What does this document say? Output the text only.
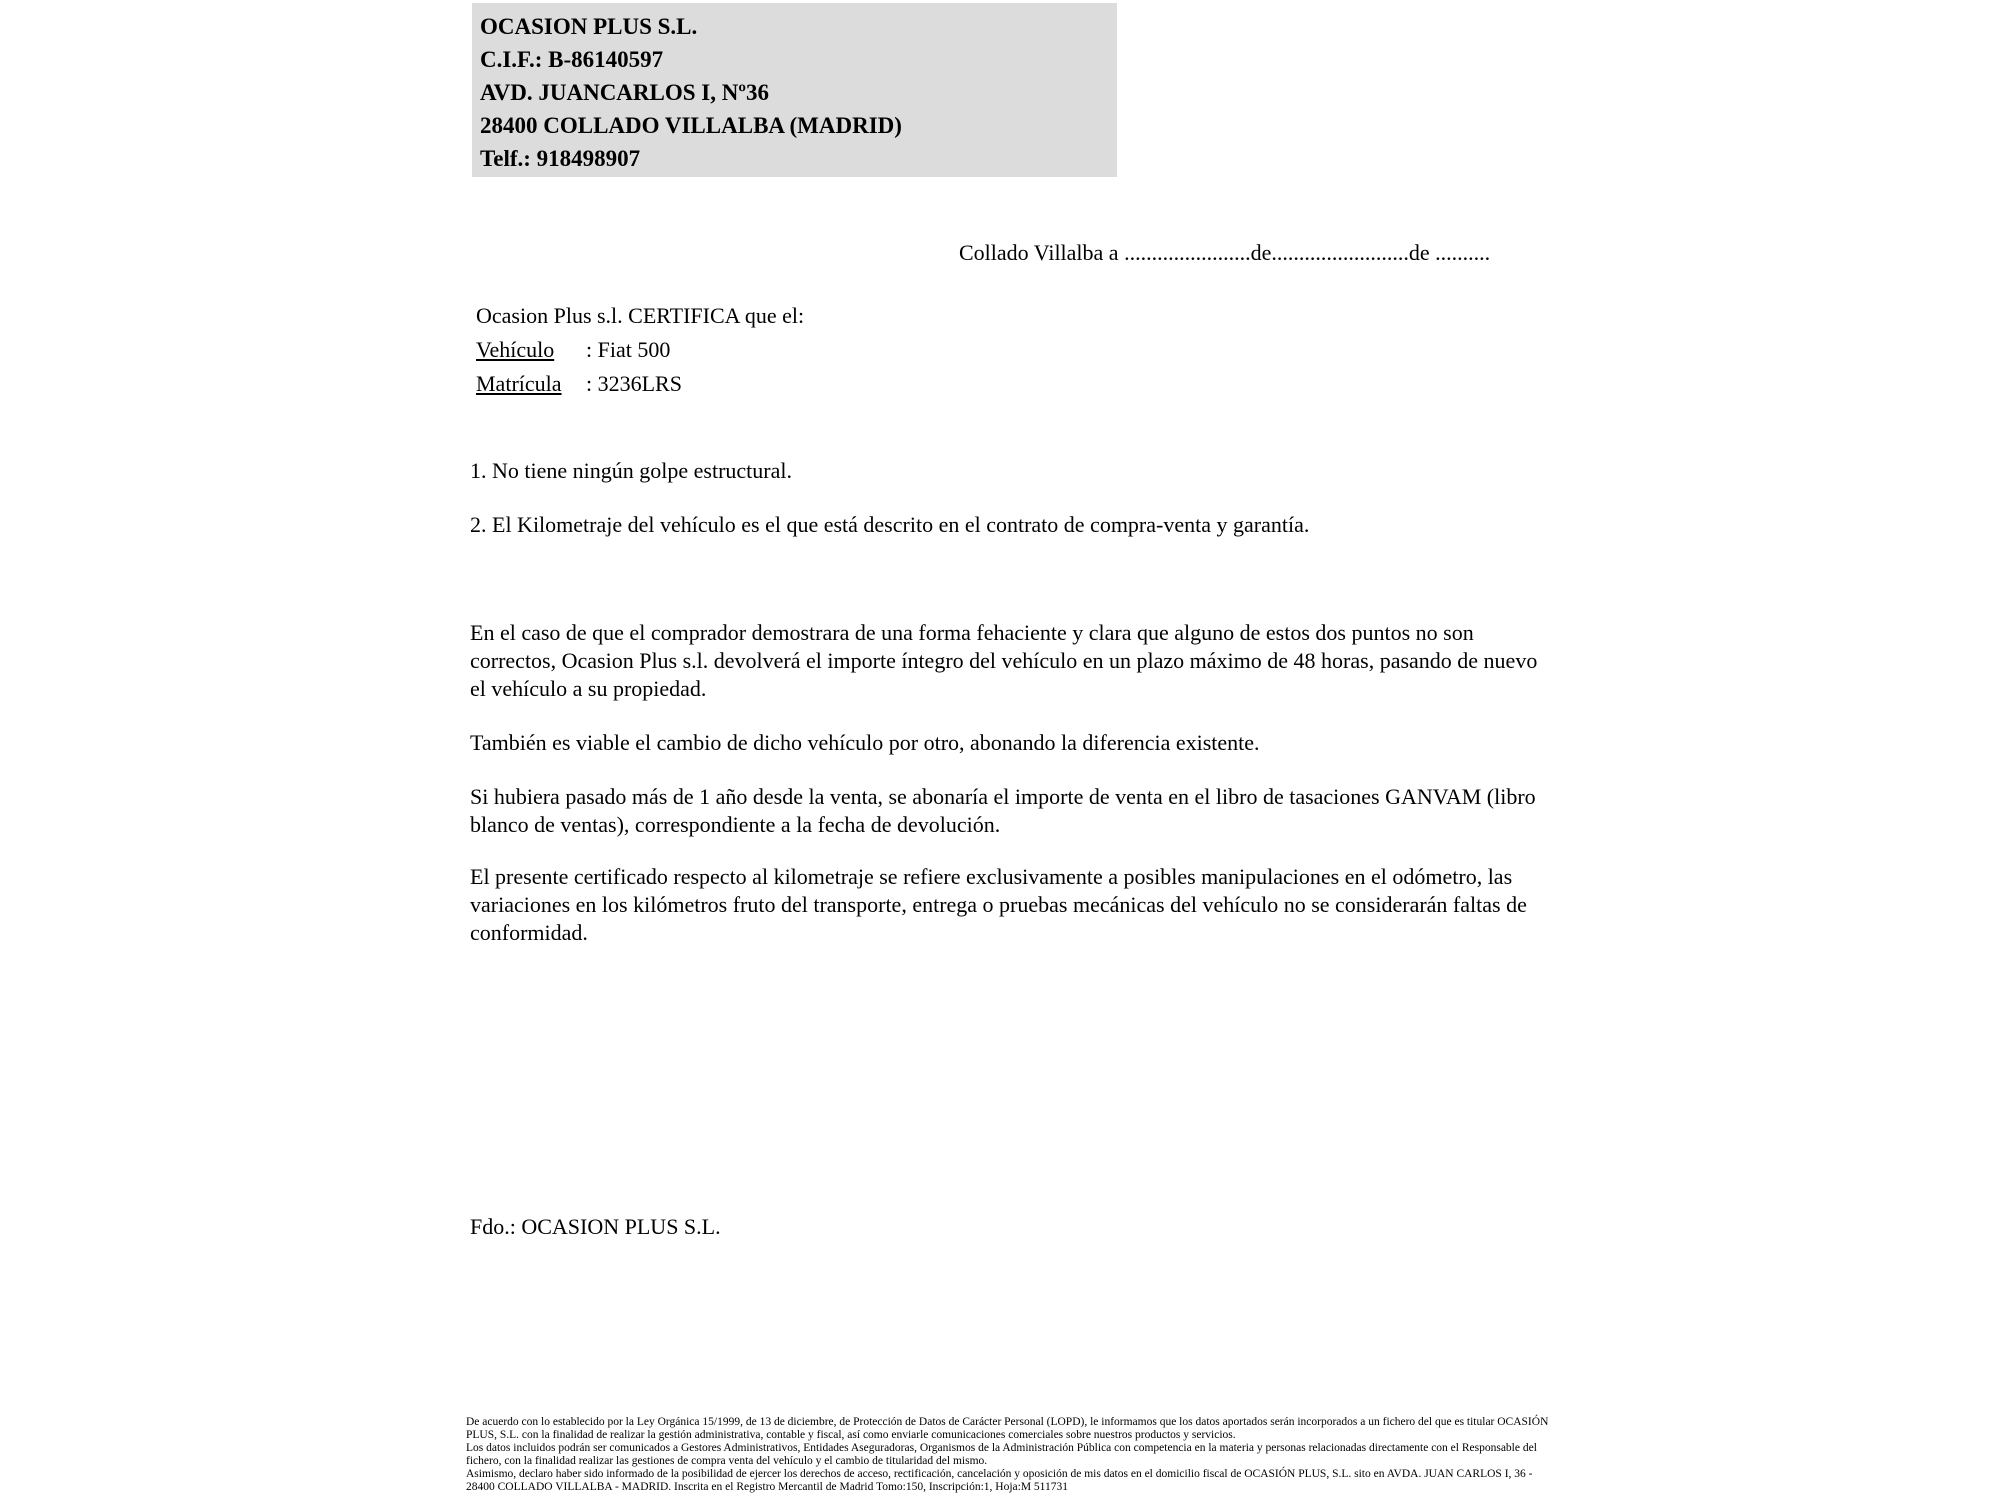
OCASION PLUS S.L.
C.I.F.: B-86140597
AVD. JUANCARLOS I, Nº36
28400 COLLADO VILLALBA (MADRID)
Telf.: 918498907
Collado Villalba a .......................de.........................de ..........
Ocasion Plus s.l. CERTIFICA que el:
Vehículo : Fiat 500
Matrícula : 3236LRS

1. No tiene ningún golpe estructural.

2. El Kilometraje del vehículo es el que está descrito en el contrato de compra-venta y garantía.

En el caso de que el comprador demostrara de una forma fehaciente y clara que alguno de estos dos puntos no son correctos, Ocasion Plus s.l. devolverá el importe íntegro del vehículo en un plazo máximo de 48 horas, pasando de nuevo el vehículo a su propiedad.

También es viable el cambio de dicho vehículo por otro, abonando la diferencia existente.

Si hubiera pasado más de 1 año desde la venta, se abonaría el importe de venta en el libro de tasaciones GANVAM (libro blanco de ventas), correspondiente a la fecha de devolución.

El presente certificado respecto al kilometraje se refiere exclusivamente a posibles manipulaciones en el odómetro, las variaciones en los kilómetros fruto del transporte, entrega o pruebas mecánicas del vehículo no se considerarán faltas de conformidad.

Fdo.: OCASION PLUS S.L.
De acuerdo con lo establecido por la Ley Orgánica 15/1999, de 13 de diciembre, de Protección de Datos de Carácter Personal (LOPD), le informamos que los datos aportados serán incorporados a un fichero del que es titular OCASIÓN PLUS, S.L. con la finalidad de realizar la gestión administrativa, contable y fiscal, así como enviarle comunicaciones comerciales sobre nuestros productos y servicios.
Los datos incluidos podrán ser comunicados a Gestores Administrativos, Entidades Aseguradoras, Organismos de la Administración Pública con competencia en la materia y personas relacionadas directamente con el Responsable del fichero, con la finalidad realizar las gestiones de compra venta del vehículo y el cambio de titularidad del mismo.
Asimismo, declaro haber sido informado de la posibilidad de ejercer los derechos de acceso, rectificación, cancelación y oposición de mis datos en el domicilio fiscal de OCASIÓN PLUS, S.L. sito en AVDA. JUAN CARLOS I, 36 - 28400 COLLADO VILLALBA - MADRID. Inscrita en el Registro Mercantil de Madrid Tomo:150, Inscripción:1, Hoja:M 511731
